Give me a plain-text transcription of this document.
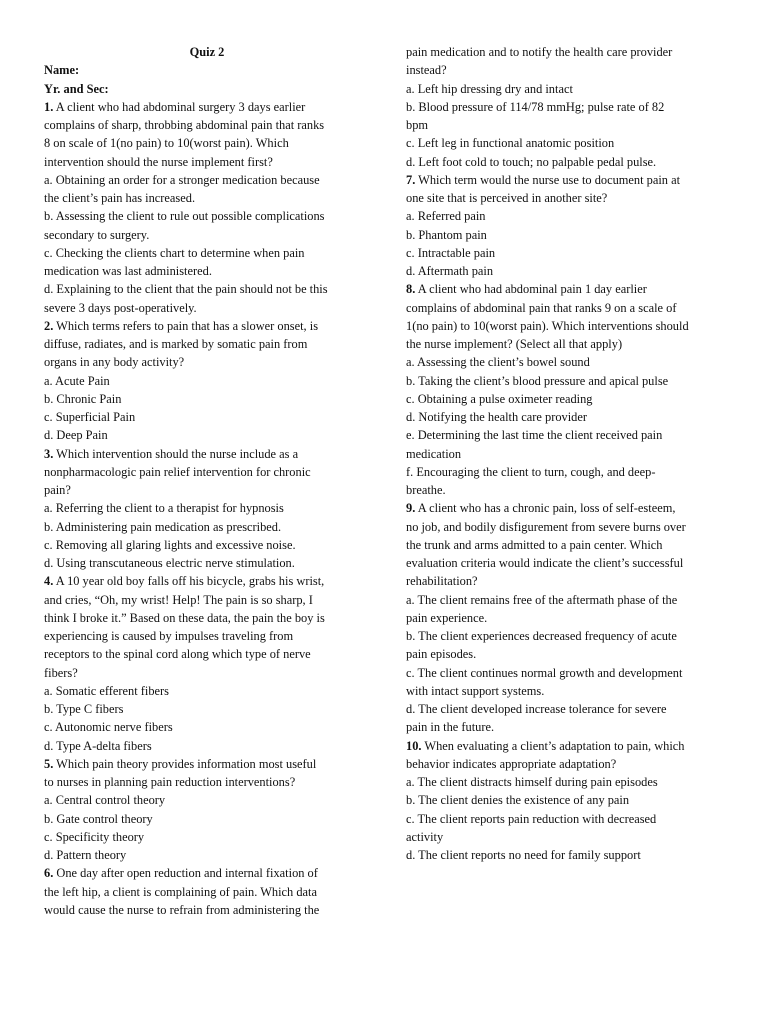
Quiz 2
Name:
Yr. and Sec:
1. A client who had abdominal surgery 3 days earlier
complains of sharp, throbbing abdominal pain that ranks
8 on scale of 1(no pain) to 10(worst pain). Which
intervention should the nurse implement first?
a. Obtaining an order for a stronger medication because
the client’s pain has increased.
b. Assessing the client to rule out possible complications
secondary to surgery.
c. Checking the clients chart to determine when pain
medication was last administered.
d. Explaining to the client that the pain should not be this
severe 3 days post-operatively.
2. Which terms refers to pain that has a slower onset, is
diffuse, radiates, and is marked by somatic pain from
organs in any body activity?
a. Acute Pain
b. Chronic Pain
c. Superficial Pain
d. Deep Pain
3. Which intervention should the nurse include as a
nonpharmacologic pain relief intervention for chronic
pain?
a. Referring the client to a therapist for hypnosis
b. Administering pain medication as prescribed.
c. Removing all glaring lights and excessive noise.
d. Using transcutaneous electric nerve stimulation.
4. A 10 year old boy falls off his bicycle, grabs his wrist,
and cries, “Oh, my wrist! Help! The pain is so sharp, I
think I broke it.” Based on these data, the pain the boy is
experiencing is caused by impulses traveling from
receptors to the spinal cord along which type of nerve
fibers?
a. Somatic efferent fibers
b. Type C fibers
c. Autonomic nerve fibers
d. Type A-delta fibers
5. Which pain theory provides information most useful
to nurses in planning pain reduction interventions?
a. Central control theory
b. Gate control theory
c. Specificity theory
d. Pattern theory
6. One day after open reduction and internal fixation of
the left hip, a client is complaining of pain. Which data
would cause the nurse to refrain from administering the
pain medication and to notify the health care provider
instead?
a. Left hip dressing dry and intact
b. Blood pressure of 114/78 mmHg; pulse rate of 82
bpm
c. Left leg in functional anatomic position
d. Left foot cold to touch; no palpable pedal pulse.
7. Which term would the nurse use to document pain at
one site that is perceived in another site?
a. Referred pain
b. Phantom pain
c. Intractable pain
d. Aftermath pain
8. A client who had abdominal pain 1 day earlier
complains of abdominal pain that ranks 9 on a scale of
1(no pain) to 10(worst pain). Which interventions should
the nurse implement? (Select all that apply)
a. Assessing the client’s bowel sound
b. Taking the client’s blood pressure and apical pulse
c. Obtaining a pulse oximeter reading
d. Notifying the health care provider
e. Determining the last time the client received pain
medication
f. Encouraging the client to turn, cough, and deep-
breathe.
9. A client who has a chronic pain, loss of self-esteem,
no job, and bodily disfigurement from severe burns over
the trunk and arms admitted to a pain center. Which
evaluation criteria would indicate the client’s successful
rehabilitation?
a. The client remains free of the aftermath phase of the
pain experience.
b. The client experiences decreased frequency of acute
pain episodes.
c. The client continues normal growth and development
with intact support systems.
d. The client developed increase tolerance for severe
pain in the future.
10. When evaluating a client’s adaptation to pain, which
behavior indicates appropriate adaptation?
a. The client distracts himself during pain episodes
b. The client denies the existence of any pain
c. The client reports pain reduction with decreased
activity
d. The client reports no need for family support
